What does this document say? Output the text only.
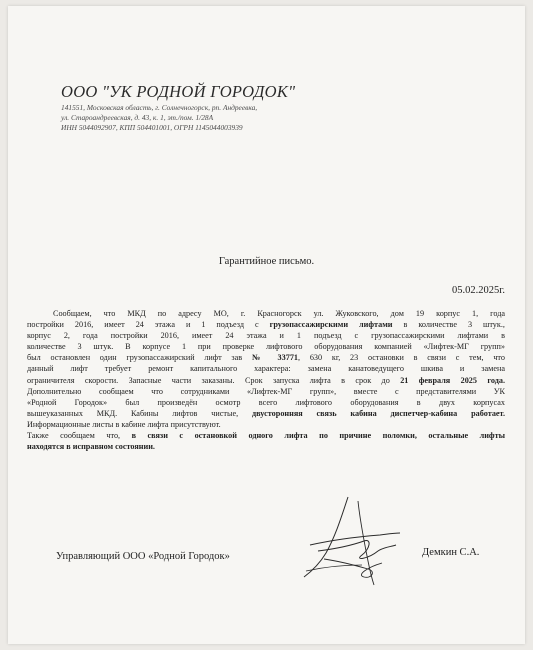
ООО "УК РОДНОЙ ГОРОДОК"
141551, Московская область, г. Солнечногорск, рп. Андреевка,
ул. Староандреевская, д. 43, к. 1, эт./пом. 1/28А
ИНН 5044092907, КПП 504401001, ОГРН 1145044003939
Гарантийное письмо.
05.02.2025г.
Сообщаем, что МКД по адресу МО, г. Красногорск ул. Жуковского, дом 19 корпус 1, года
постройки 2016, имеет 24 этажа и 1 подъезд с грузопассажирскими лифтами в количестве 3 штук.,
корпус 2, года постройки 2016, имеет 24 этажа и 1 подъезд с грузопассажирскими лифтами в
количестве 3 штук. В корпусе 1 при проверке лифтового оборудования компанией «Лифтек-МГ групп»
был остановлен один грузопассажирский лифт зав № 33771, 630 кг, 23 остановки в связи с тем, что
данный лифт требует ремонт капитального характера: замена канатоведущего шкива и замена
ограничителя скорости. Запасные части заказаны. Срок запуска лифта в срок до 21 февраля 2025 года.
Дополнительно сообщаем что сотрудниками «Лифтек-МГ групп», вместе с представителями УК
«Родной Городок» был произведён осмотр всего лифтового оборудования в двух корпусах
вышеуказанных МКД. Кабины лифтов чистые, двусторонняя связь кабина диспетчер-кабина работает.
Информационные листы в кабине лифта присутствуют.
Также сообщаем что, в связи с остановкой одного лифта по причине поломки, остальные лифты
находятся в исправном состоянии.
Управляющий ООО «Родной Городок»	Демкин С.А.
